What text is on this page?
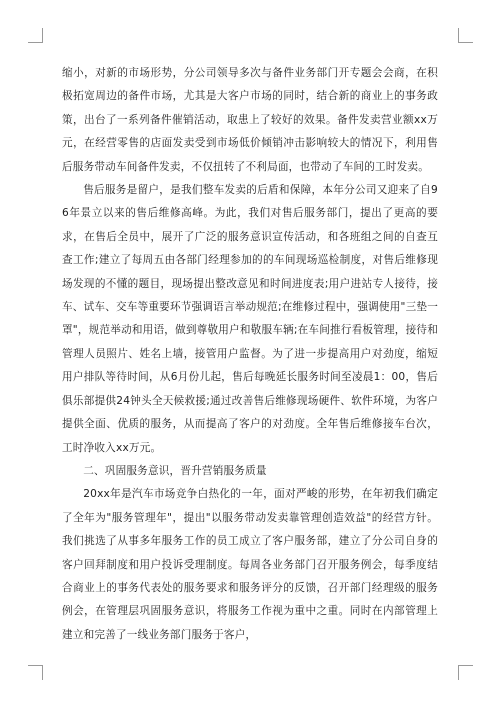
缩小，对新的市场形势，分公司领导多次与备件业务部门开专题会会商，在积极拓宽周边的备件市场，尤其是大客户市场的同时，结合新的商业上的事务政策，出台了一系列备件催销活动，取患上了较好的效果。备件发卖营业额xx万元，在经营零售的店面发卖受到市场低价倾销冲击影响较大的情况下，利用售后服务带动车间备件发卖，不仅扭转了不利局面，也带动了车间的工时发卖。

售后服务是留户，是我们整车发卖的后盾和保障，本年分公司又迎来了自96年景立以来的售后维修高峰。为此，我们对售后服务部门，提出了更高的要求，在售后全员中，展开了广泛的服务意识宣传活动，和各班组之间的自查互查工作;建立了每周五由各部门经理参加的的车间现场巡检制度，对售后维修现场发现的不懂的题目，现场提出整改意见和时间进度表;用户进站专人接待，接车、试车、交车等重要环节强调语言举动规范;在维修过程中，强调使用"三垫一罩"，规范举动和用语，做到尊敬用户和敬服车辆;在车间推行看板管理，接待和管理人员照片、姓名上墙，接管用户监督。为了进一步提高用户对劲度，缩短用户排队等待时间，从6月份儿起，售后每晚延长服务时间至凌晨1：00，售后俱乐部提供24钟头全天候救援;通过改善售后维修现场硬件、软件环境，为客户提供全面、优质的服务，从而提高了客户的对劲度。全年售后维修接车台次，工时净收入xx万元。

二、巩固服务意识，晋升营销服务质量

20xx年是汽车市场竞争白热化的一年，面对严峻的形势，在年初我们确定了全年为"服务管理年"，提出"以服务带动发卖靠管理创造效益"的经营方针。我们挑选了从事多年服务工作的员工成立了客户服务部，建立了分公司自身的客户回拜制度和用户投诉受理制度。每周各业务部门召开服务例会，每季度结合商业上的事务代表处的服务要求和服务评分的反馈，召开部门经理级的服务例会，在管理层巩固服务意识，将服务工作视为重中之重。同时在内部管理上建立和完善了一线业务部门服务于客户，
